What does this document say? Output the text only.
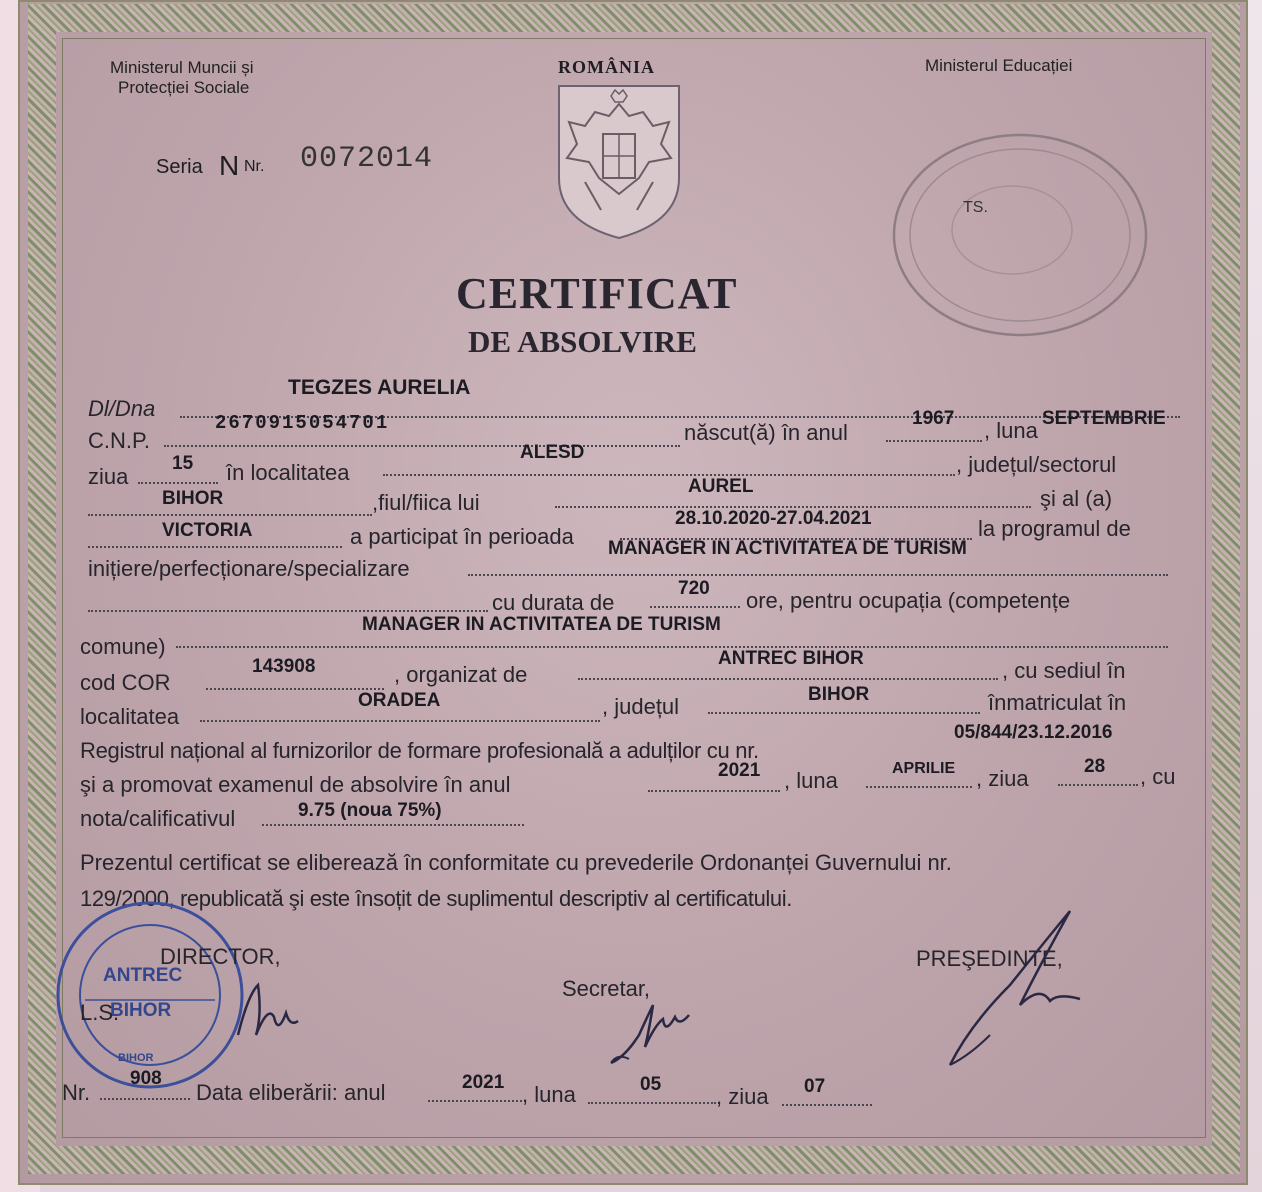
Ministerul Muncii și
Protecției Sociale
ROMÂNIA	Ministerul Educației
Seria N Nr. 0072014
TS.
CERTIFICAT
DE ABSOLVIRE
TEGZES AURELIA
Dl/Dna
C.N.P.
2670915054701	născut(ă) în anul
1967 , luna SEPTEMBRIE
ziua
15 în localitatea
ALESD	, județul/sectorul
BIHOR	,fiul/fiica lui
AUREL	şi al (a)
VICTORIA	a participat în perioada
28.10.2020-27.04.2021	la programul de
inițiere/perfecționare/specializare
MANAGER IN ACTIVITATEA DE TURISM
cu durata de
720 ore, pentru ocupația (competențe
comune)
MANAGER IN ACTIVITATEA DE TURISM
cod COR
143908	, organizat de
ANTREC BIHOR	, cu sediul în
localitatea
ORADEA	, județul	BIHOR	înmatriculat în
Registrul național al furnizorilor de formare profesională a adulților cu nr.
05/844/23.12.2016
şi a promovat examenul de absolvire în anul
2021 , luna	APRILIE , ziua	28 , cu
nota/calificativul	9.75 (noua 75%)
Prezentul certificat se eliberează în conformitate cu prevederile Ordonanței Guvernului nr.
129/2000, republicată şi este însoțit de suplimentul descriptiv al certificatului.
ANTREC
BIHOR
BIHOR
DIRECTOR,
L.S.
Secretar,
PREŞEDINTE,
Nr.
908
Data eliberării: anul	2021 , luna	05 , ziua 07
